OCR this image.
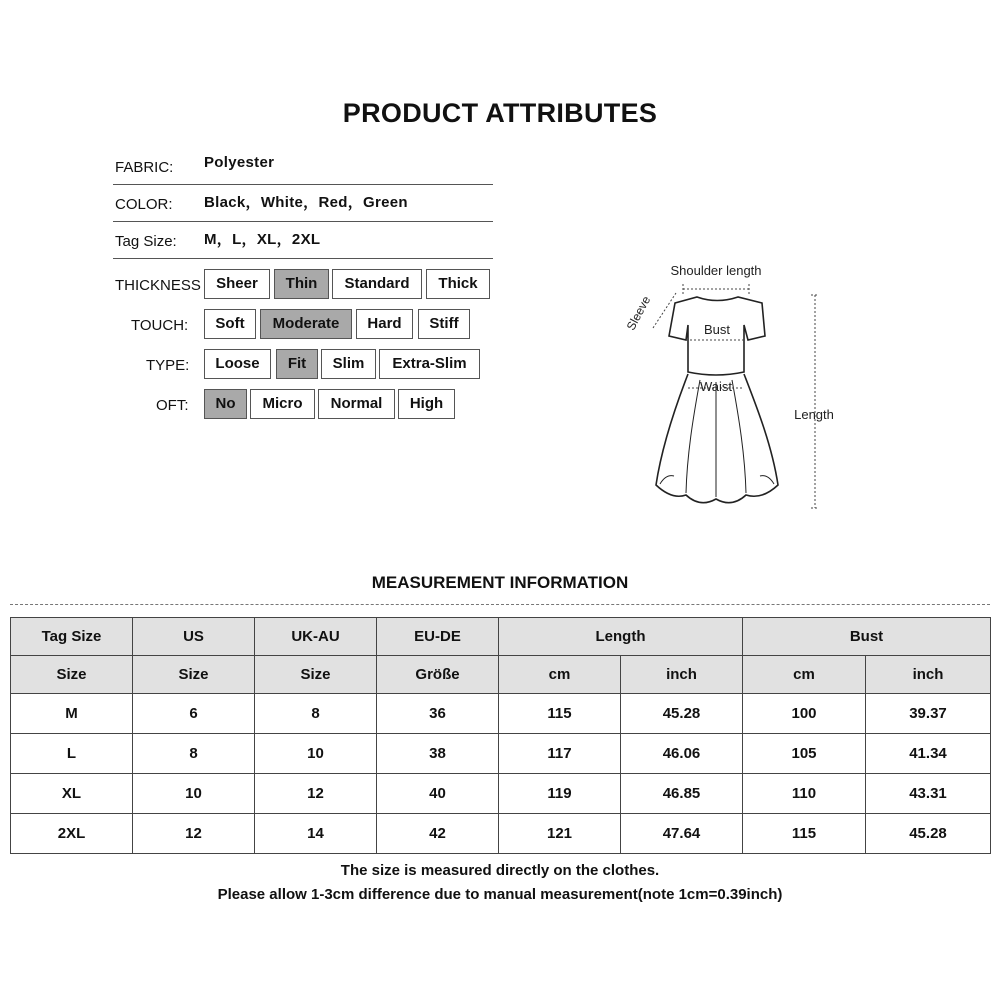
PRODUCT ATTRIBUTES
FABRIC: Polyester
COLOR: Black，White，Red，Green
Tag Size: M，L，XL，2XL
THICKNESS	Sheer	Thin	Standard	Thick
TOUCH:	Soft	Moderate	Hard	Stiff
TYPE:	Loose	Fit	Slim	Extra-Slim
OFT:	No	Micro	Normal	High
Shoulder length
Sleeve	Bust
Waist
Length
MEASUREMENT INFORMATION
Tag Size	US	UK-AU	EU-DE	Length		Bust	
Size	Size	Size	Größe	cm	inch	cm	inch
M	6	8	36	115	45.28	100	39.37
L	8	10	38	117	46.06	105	41.34
XL	10	12	40	119	46.85	110	43.31
2XL	12	14	42	121	47.64	115	45.28
The size is measured directly on the clothes.
Please allow 1-3cm difference due to manual measurement(note 1cm=0.39inch)
